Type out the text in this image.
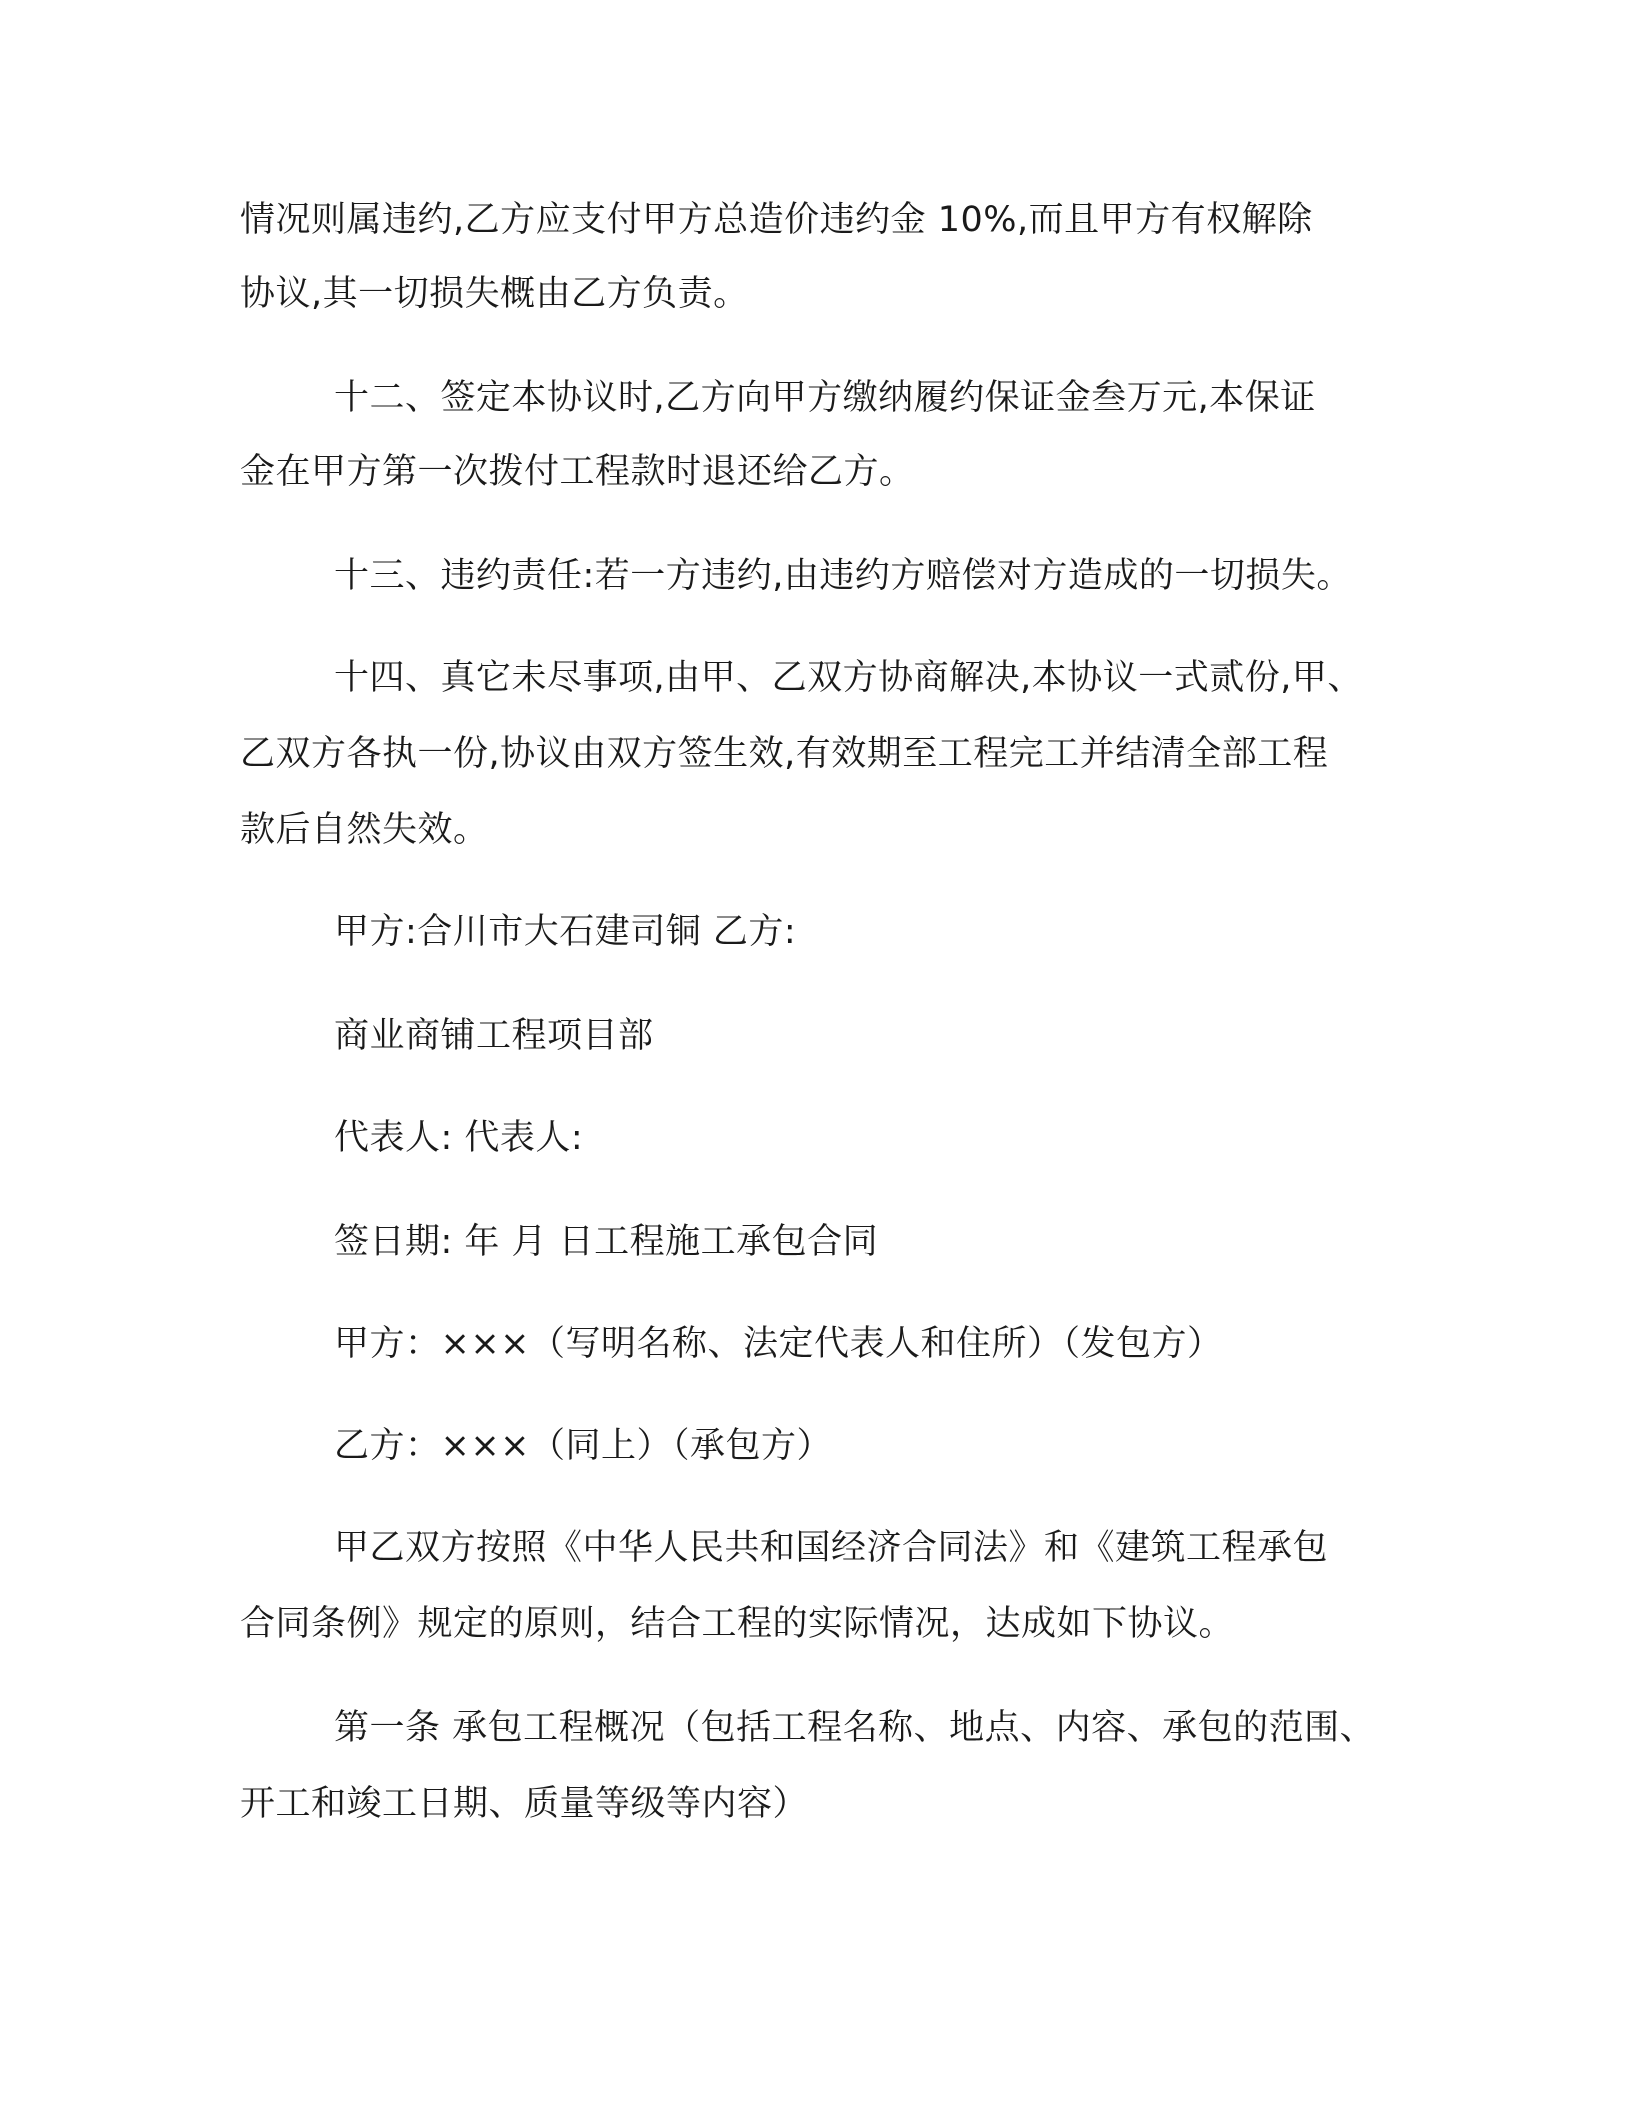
情况则属违约,乙方应支付甲方总造价违约金 10%,而且甲方有权解除
协议,其一切损失概由乙方负责。
十二、签定本协议时,乙方向甲方缴纳履约保证金叁万元,本保证
金在甲方第一次拨付工程款时退还给乙方。
十三、违约责任:若一方违约,由违约方赔偿对方造成的一切损失。
十四、真它未尽事项,由甲、乙双方协商解决,本协议一式贰份,甲、
乙双方各执一份,协议由双方签生效,有效期至工程完工并结清全部工程
款后自然失效。
甲方:合川市大石建司铜 乙方:
商业商铺工程项目部
代表人: 代表人:
签日期: 年 月 日工程施工承包合同
甲方：×××（写明名称、法定代表人和住所）（发包方）
乙方：×××（同上）（承包方）
甲乙双方按照《中华人民共和国经济合同法》和《建筑工程承包
合同条例》规定的原则，结合工程的实际情况，达成如下协议。
第一条 承包工程概况（包括工程名称、地点、内容、承包的范围、
开工和竣工日期、质量等级等内容）
